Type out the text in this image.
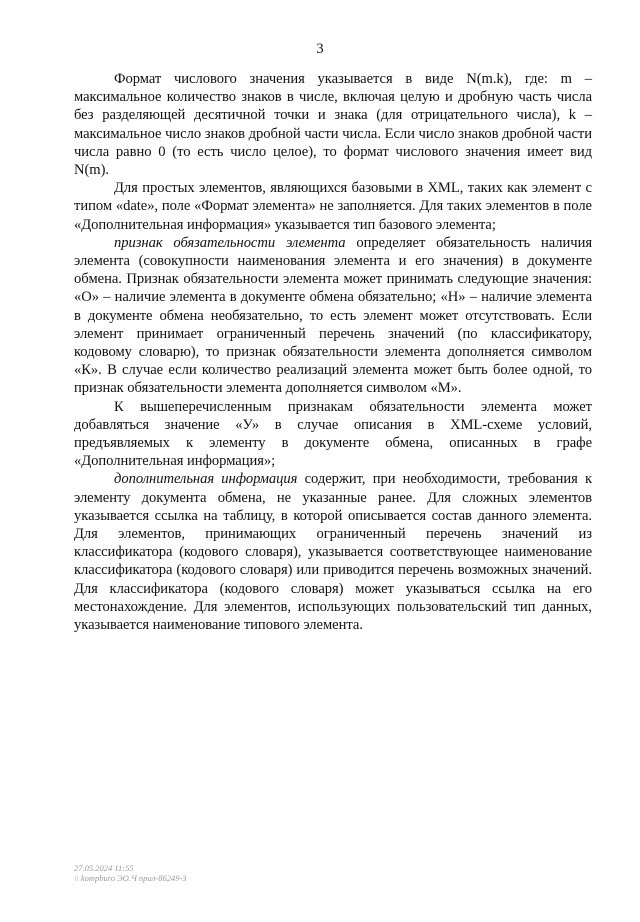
3

Формат числового значения указывается в виде N(m.k), где: m – максимальное количество знаков в числе, включая целую и дробную часть числа без разделяющей десятичной точки и знака (для отрицательного числа), k – максимальное число знаков дробной части числа. Если число знаков дробной части числа равно 0 (то есть число целое), то формат числового значения имеет вид N(m).

Для простых элементов, являющихся базовыми в XML, таких как элемент с типом «date», поле «Формат элемента» не заполняется. Для таких элементов в поле «Дополнительная информация» указывается тип базового элемента;

признак обязательности элемента определяет обязательность наличия элемента (совокупности наименования элемента и его значения) в документе обмена. Признак обязательности элемента может принимать следующие значения: «О» – наличие элемента в документе обмена обязательно; «Н» – наличие элемента в документе обмена необязательно, то есть элемент может отсутствовать. Если элемент принимает ограниченный перечень значений (по классификатору, кодовому словарю), то признак обязательности элемента дополняется символом «К». В случае если количество реализаций элемента может быть более одной, то признак обязательности элемента дополняется символом «М».

К вышеперечисленным признакам обязательности элемента может добавляться значение «У» в случае описания в XML-схеме условий, предъявляемых к элементу в документе обмена, описанных в графе «Дополнительная информация»;

дополнительная информация содержит, при необходимости, требования к элементу документа обмена, не указанные ранее. Для сложных элементов указывается ссылка на таблицу, в которой описывается состав данного элемента. Для элементов, принимающих ограниченный перечень значений из классификатора (кодового словаря), указывается соответствующее наименование классификатора (кодового словаря) или приводится перечень возможных значений. Для классификатора (кодового словаря) может указываться ссылка на его местонахождение. Для элементов, использующих пользовательский тип данных, указывается наименование типового элемента.

27.05.2024 11:55
\\ kompburo ЭО.Ч прил-86249-3
